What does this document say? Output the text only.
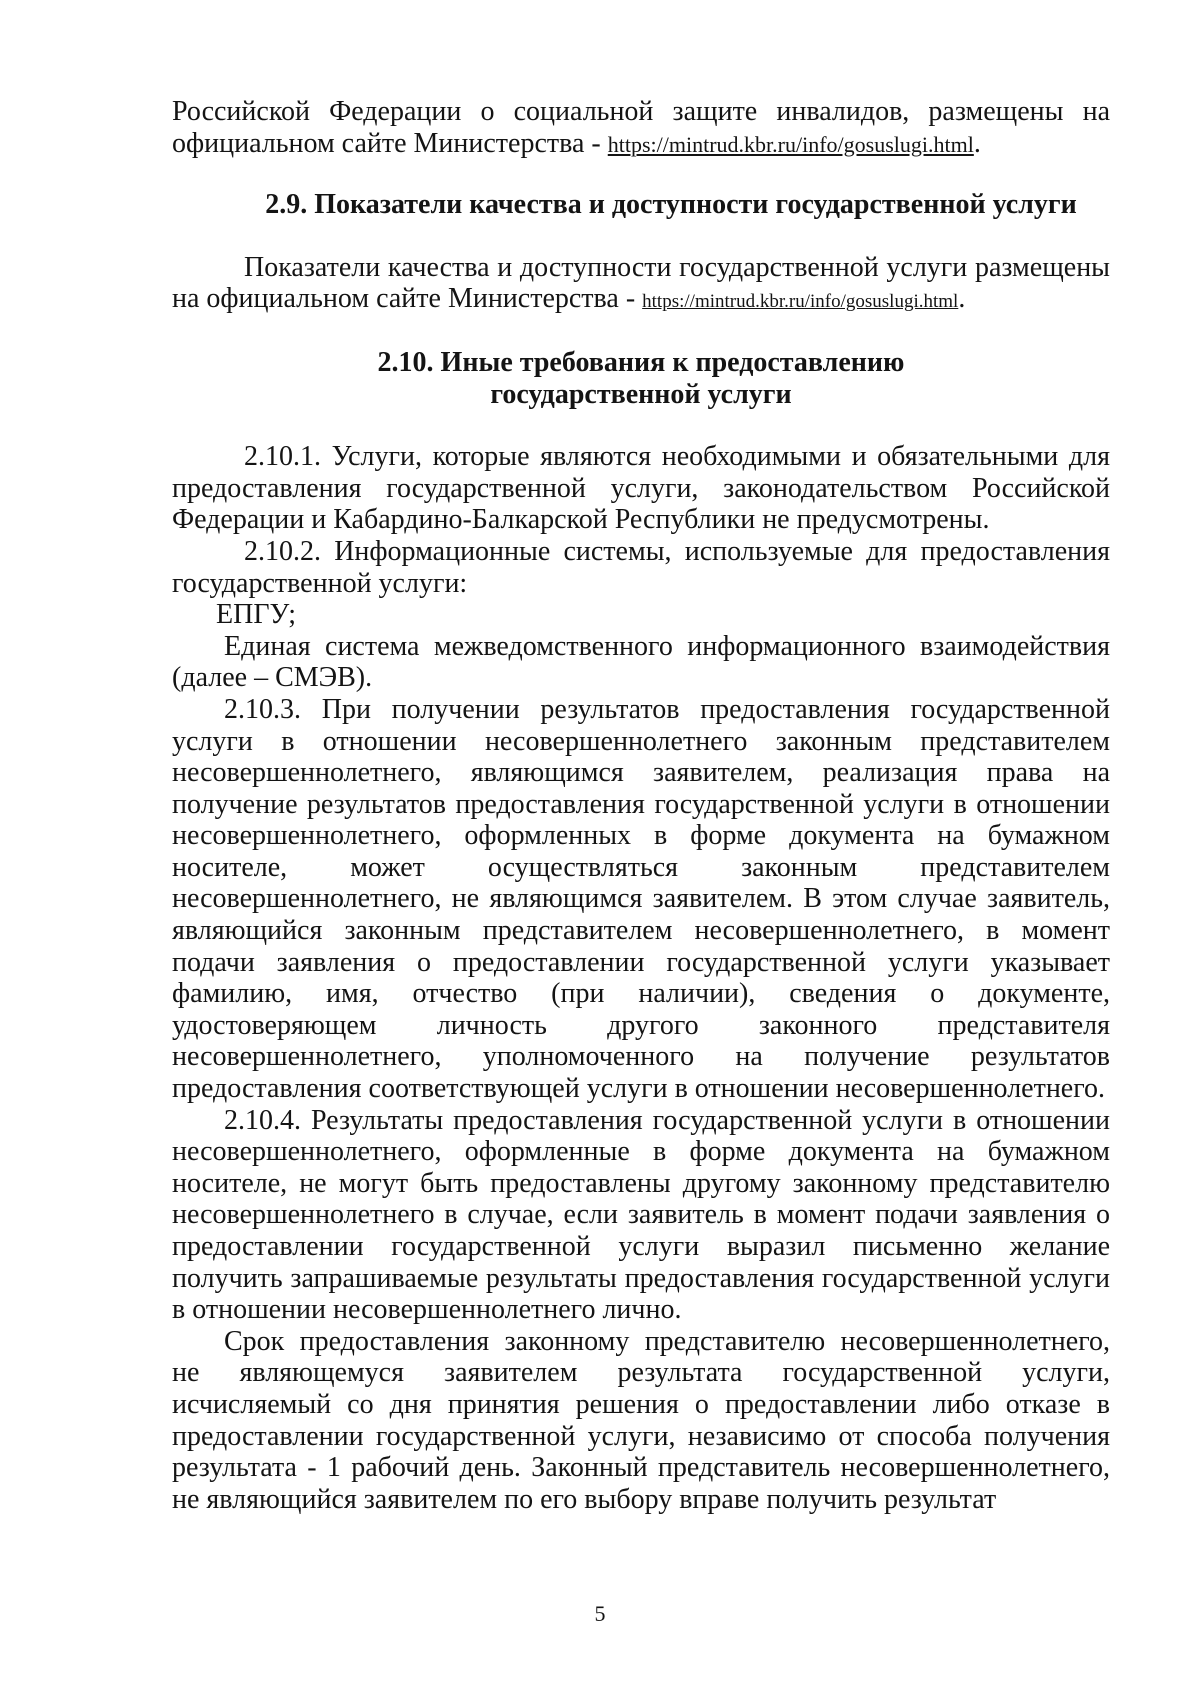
Российской Федерации о социальной защите инвалидов, размещены на официальном сайте Министерства - https://mintrud.kbr.ru/info/gosuslugi.html.

2.9. Показатели качества и доступности государственной услуги

Показатели качества и доступности государственной услуги размещены на официальном сайте Министерства - https://mintrud.kbr.ru/info/gosuslugi.html.

2.10. Иные требования к предоставлению
государственной услуги

2.10.1. Услуги, которые являются необходимыми и обязательными для предоставления государственной услуги, законодательством Российской Федерации и Кабардино-Балкарской Республики не предусмотрены.

2.10.2. Информационные системы, используемые для предоставления государственной услуги:

ЕПГУ;

Единая система межведомственного информационного взаимодействия (далее – СМЭВ).

2.10.3. При получении результатов предоставления государственной услуги в отношении несовершеннолетнего законным представителем несовершеннолетнего, являющимся заявителем, реализация права на получение результатов предоставления государственной услуги в отношении несовершеннолетнего, оформленных в форме документа на бумажном носителе, может осуществляться законным представителем несовершеннолетнего, не являющимся заявителем. В этом случае заявитель, являющийся законным представителем несовершеннолетнего, в момент подачи заявления о предоставлении государственной услуги указывает фамилию, имя, отчество (при наличии), сведения о документе, удостоверяющем личность другого законного представителя несовершеннолетнего, уполномоченного на получение результатов предоставления соответствующей услуги в отношении несовершеннолетнего.

2.10.4. Результаты предоставления государственной услуги в отношении несовершеннолетнего, оформленные в форме документа на бумажном носителе, не могут быть предоставлены другому законному представителю несовершеннолетнего в случае, если заявитель в момент подачи заявления о предоставлении государственной услуги выразил письменно желание получить запрашиваемые результаты предоставления государственной услуги в отношении несовершеннолетнего лично.

Срок предоставления законному представителю несовершеннолетнего, не являющемуся заявителем результата государственной услуги, исчисляемый со дня принятия решения о предоставлении либо отказе в предоставлении государственной услуги, независимо от способа получения результата - 1 рабочий день. Законный представитель несовершеннолетнего, не являющийся заявителем по его выбору вправе получить результат

5
